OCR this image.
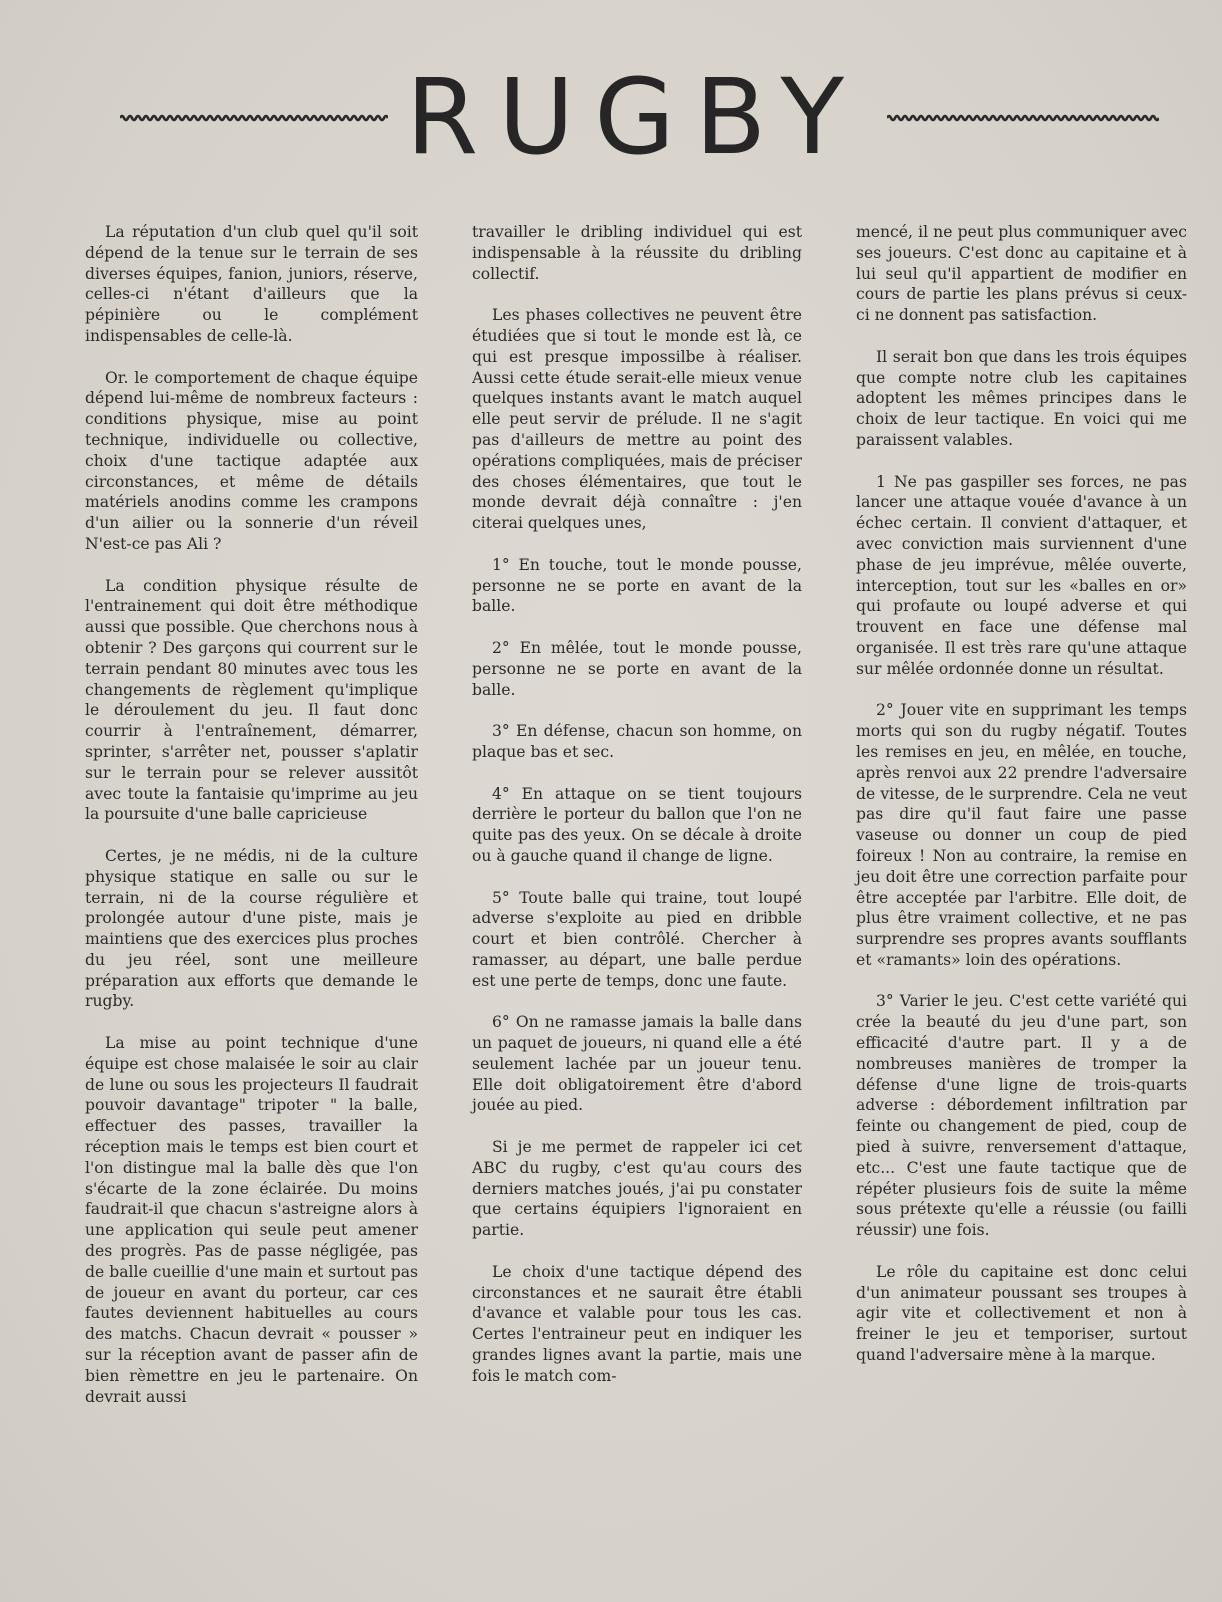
RUGBY

La réputation d'un club quel qu'il soit dépend de la tenue sur le terrain de ses diverses équipes, fanion, juniors, réserve, celles-ci n'étant d'ailleurs que la pépinière ou le complément indispensables de celle-là.

Or. le comportement de chaque équipe dépend lui-même de nombreux facteurs : conditions physique, mise au point technique, individuelle ou collective, choix d'une tactique adaptée aux circonstances, et même de détails matériels anodins comme les crampons d'un ailier ou la sonnerie d'un réveil N'est-ce pas Ali ?

La condition physique résulte de l'entrainement qui doit être méthodique aussi que possible. Que cherchons nous à obtenir ? Des garçons qui courrent sur le terrain pendant 80 minutes avec tous les changements de règlement qu'implique le déroulement du jeu. Il faut donc courrir à l'entraînement, démarrer, sprinter, s'arrêter net, pousser s'aplatir sur le terrain pour se relever aussitôt avec toute la fantaisie qu'imprime au jeu la poursuite d'une balle capricieuse

Certes, je ne médis, ni de la culture physique statique en salle ou sur le terrain, ni de la course régulière et prolongée autour d'une piste, mais je maintiens que des exercices plus proches du jeu réel, sont une meilleure préparation aux efforts que demande le rugby.

La mise au point technique d'une équipe est chose malaisée le soir au clair de lune ou sous les projecteurs Il faudrait pouvoir davantage" tripoter " la balle, effectuer des passes, travailler la réception mais le temps est bien court et l'on distingue mal la balle dès que l'on s'écarte de la zone éclairée. Du moins faudrait-il que chacun s'astreigne alors à une application qui seule peut amener des progrès. Pas de passe négligée, pas de balle cueillie d'une main et surtout pas de joueur en avant du porteur, car ces fautes deviennent habituelles au cours des matchs. Chacun devrait « pousser » sur la réception avant de passer afin de bien rèmettre en jeu le partenaire. On devrait aussi

travailler le dribling individuel qui est indispensable à la réussite du dribling collectif.

Les phases collectives ne peuvent être étudiées que si tout le monde est là, ce qui est presque impossilbe à réaliser. Aussi cette étude serait-elle mieux venue quelques instants avant le match auquel elle peut servir de prélude. Il ne s'agit pas d'ailleurs de mettre au point des opérations compliquées, mais de préciser des choses élémentaires, que tout le monde devrait déjà connaître : j'en citerai quelques unes,

1° En touche, tout le monde pousse, personne ne se porte en avant de la balle.

2° En mêlée, tout le monde pousse, personne ne se porte en avant de la balle.

3° En défense, chacun son homme, on plaque bas et sec.

4° En attaque on se tient toujours derrière le porteur du ballon que l'on ne quite pas des yeux. On se décale à droite ou à gauche quand il change de ligne.

5° Toute balle qui traine, tout loupé adverse s'exploite au pied en dribble court et bien contrôlé. Chercher à ramasser, au départ, une balle perdue est une perte de temps, donc une faute.

6° On ne ramasse jamais la balle dans un paquet de joueurs, ni quand elle a été seulement lachée par un joueur tenu. Elle doit obligatoirement être d'abord jouée au pied.

Si je me permet de rappeler ici cet ABC du rugby, c'est qu'au cours des derniers matches joués, j'ai pu constater que certains équipiers l'ignoraient en partie.

Le choix d'une tactique dépend des circonstances et ne saurait être établi d'avance et valable pour tous les cas. Certes l'entraineur peut en indiquer les grandes lignes avant la partie, mais une fois le match com-

mencé, il ne peut plus communiquer avec ses joueurs. C'est donc au capitaine et à lui seul qu'il appartient de modifier en cours de partie les plans prévus si ceux-ci ne donnent pas satisfaction.

Il serait bon que dans les trois équipes que compte notre club les capitaines adoptent les mêmes principes dans le choix de leur tactique. En voici qui me paraissent valables.

1 Ne pas gaspiller ses forces, ne pas lancer une attaque vouée d'avance à un échec certain. Il convient d'attaquer, et avec conviction mais surviennent d'une phase de jeu imprévue, mêlée ouverte, interception, tout sur les «balles en or» qui profaute ou loupé adverse et qui trouvent en face une défense mal organisée. Il est très rare qu'une attaque sur mêlée ordonnée donne un résultat.

2° Jouer vite en supprimant les temps morts qui son du rugby négatif. Toutes les remises en jeu, en mêlée, en touche, après renvoi aux 22 prendre l'adversaire de vitesse, de le surprendre. Cela ne veut pas dire qu'il faut faire une passe vaseuse ou donner un coup de pied foireux ! Non au contraire, la remise en jeu doit être une correction parfaite pour être acceptée par l'arbitre. Elle doit, de plus être vraiment collective, et ne pas surprendre ses propres avants soufflants et «ramants» loin des opérations.

3° Varier le jeu. C'est cette variété qui crée la beauté du jeu d'une part, son efficacité d'autre part. Il y a de nombreuses manières de tromper la défense d'une ligne de trois-quarts adverse : débordement infiltration par feinte ou changement de pied, coup de pied à suivre, renversement d'attaque, etc... C'est une faute tactique que de répéter plusieurs fois de suite la même sous prétexte qu'elle a réussie (ou failli réussir) une fois.

Le rôle du capitaine est donc celui d'un animateur poussant ses troupes à agir vite et collectivement et non à freiner le jeu et temporiser, surtout quand l'adversaire mène à la marque.
